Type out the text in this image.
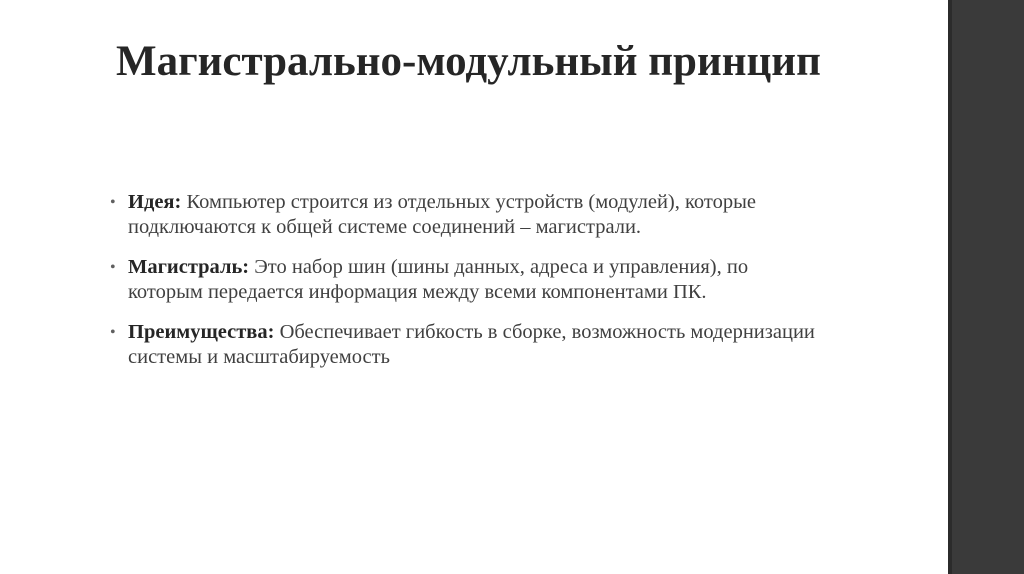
Магистрально-модульный принцип
• Идея: Компьютер строится из отдельных устройств (модулей), которые подключаются к общей системе соединений – магистрали.
• Магистраль: Это набор шин (шины данных, адреса и управления), по которым передается информация между всеми компонентами ПК.
• Преимущества: Обеспечивает гибкость в сборке, возможность модернизации системы и масштабируемость
